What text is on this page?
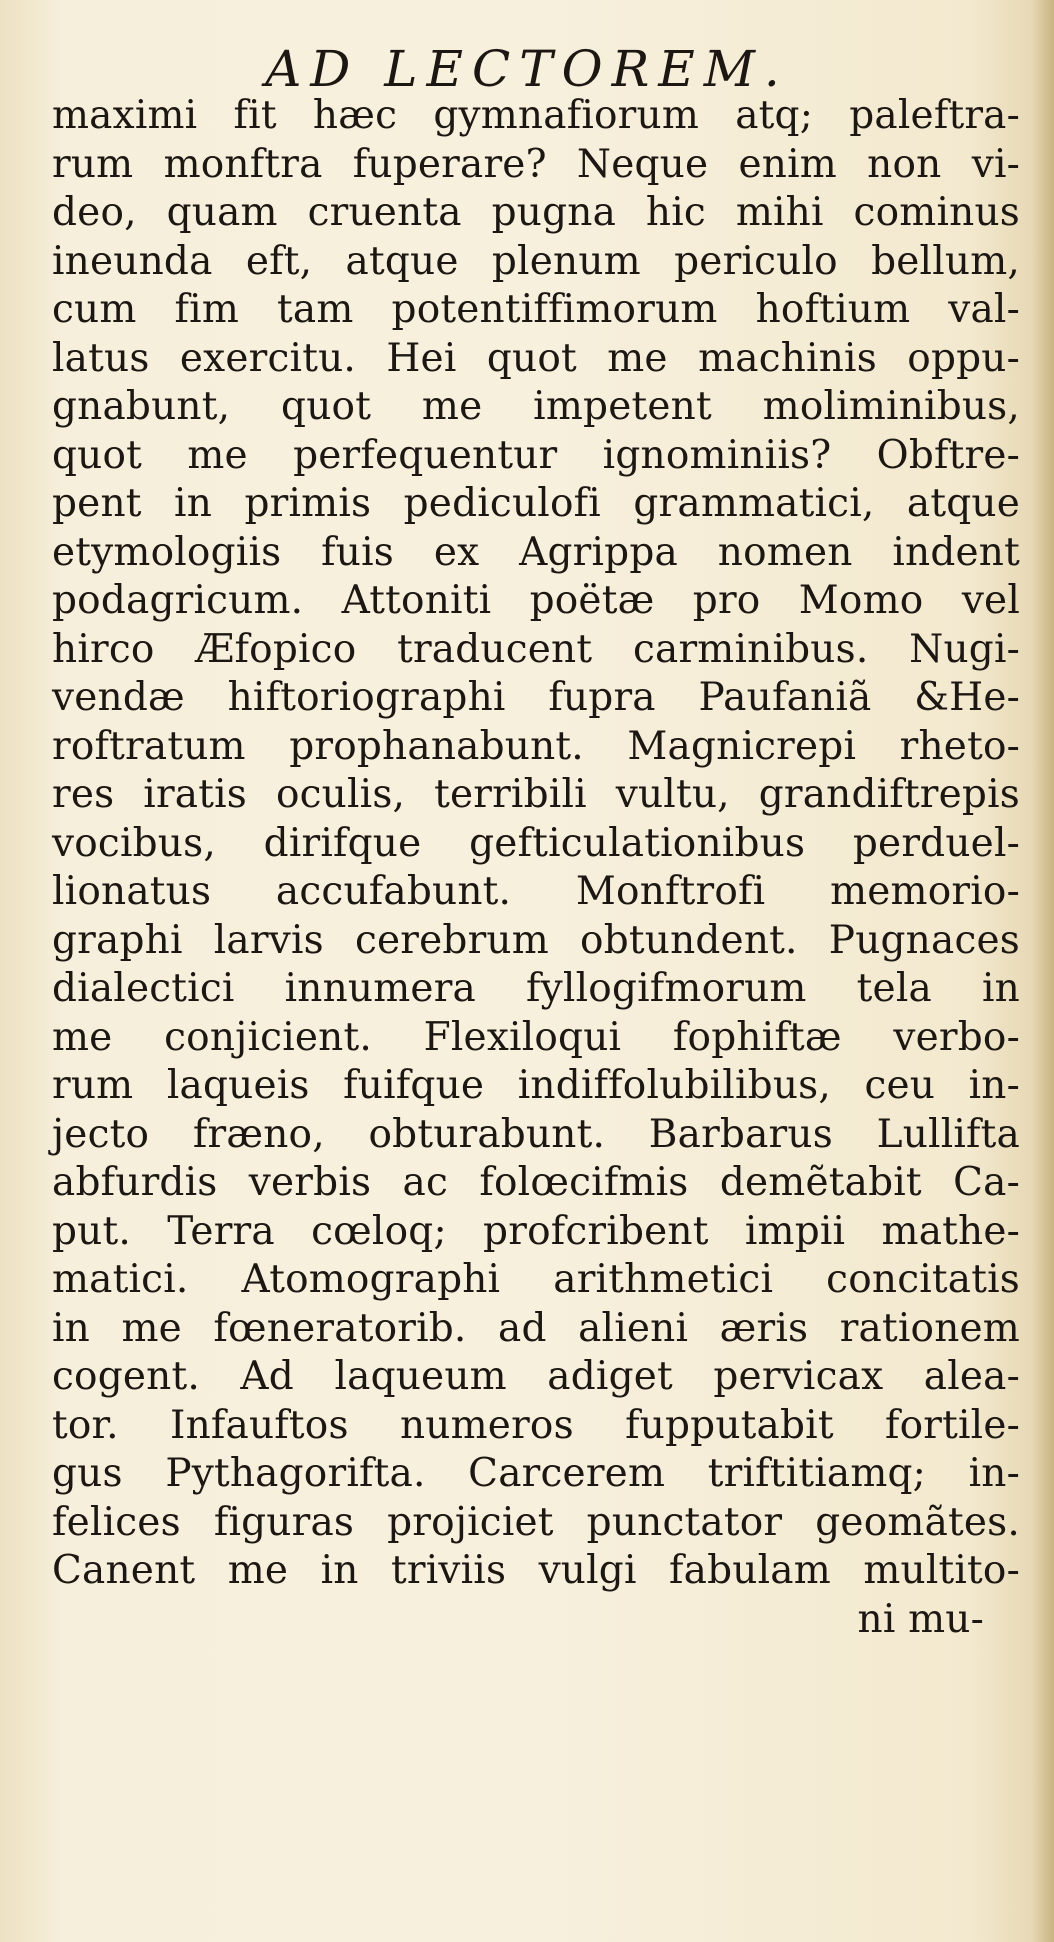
AD LECTOREM.
maximi fit hæc gymnafiorum atq; paleftra-
rum monftra fuperare? Neque enim non vi-
deo, quam cruenta pugna hic mihi cominus
ineunda eft, atque plenum periculo bellum,
cum fim tam potentiffimorum hoftium val-
latus exercitu. Hei quot me machinis oppu-
gnabunt, quot me impetent moliminibus,
quot me perfequentur ignominiis? Obftre-
pent in primis pediculofi grammatici, atque
etymologiis fuis ex Agrippa nomen indent
podagricum. Attoniti poëtæ pro Momo vel
hirco Æfopico traducent carminibus. Nugi-
vendæ hiftoriographi fupra Paufaniã &He-
roftratum prophanabunt. Magnicrepi rheto-
res iratis oculis, terribili vultu, grandiftrepis
vocibus, dirifque gefticulationibus perduel-
lionatus accufabunt. Monftrofi memorio-
graphi larvis cerebrum obtundent. Pugnaces
dialectici innumera fyllogifmorum tela in
me conjicient. Flexiloqui fophiftæ verbo-
rum laqueis fuifque indiffolubilibus, ceu in-
jecto fræno, obturabunt. Barbarus Lullifta
abfurdis verbis ac folœcifmis demẽtabit Ca-
put. Terra cœloq; profcribent impii mathe-
matici. Atomographi arithmetici concitatis
in me fœneratorib. ad alieni æris rationem
cogent. Ad laqueum adiget pervicax alea-
tor. Infauftos numeros fupputabit fortile-
gus Pythagorifta. Carcerem triftitiamq; in-
felices figuras projiciet punctator geomãtes.
Canent me in triviis vulgi fabulam multito-
ni mu-
